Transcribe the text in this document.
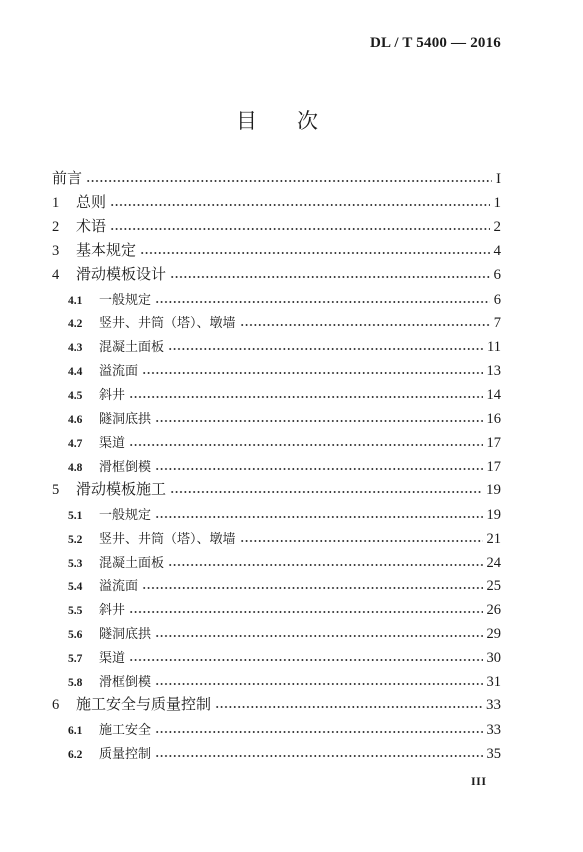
DL / T 5400 — 2016
目次
前言	I
1	总则	1
2	术语	2
3	基本规定	4
4	滑动模板设计	6
4.1	一般规定	6
4.2	竖井、井筒（塔）、墩墙	7
4.3	混凝土面板	11
4.4	溢流面	13
4.5	斜井	14
4.6	隧洞底拱	16
4.7	渠道	17
4.8	滑框倒模	17
5	滑动模板施工	19
5.1	一般规定	19
5.2	竖井、井筒（塔）、墩墙	21
5.3	混凝土面板	24
5.4	溢流面	25
5.5	斜井	26
5.6	隧洞底拱	29
5.7	渠道	30
5.8	滑框倒模	31
6	施工安全与质量控制	33
6.1	施工安全	33
6.2	质量控制	35
III
